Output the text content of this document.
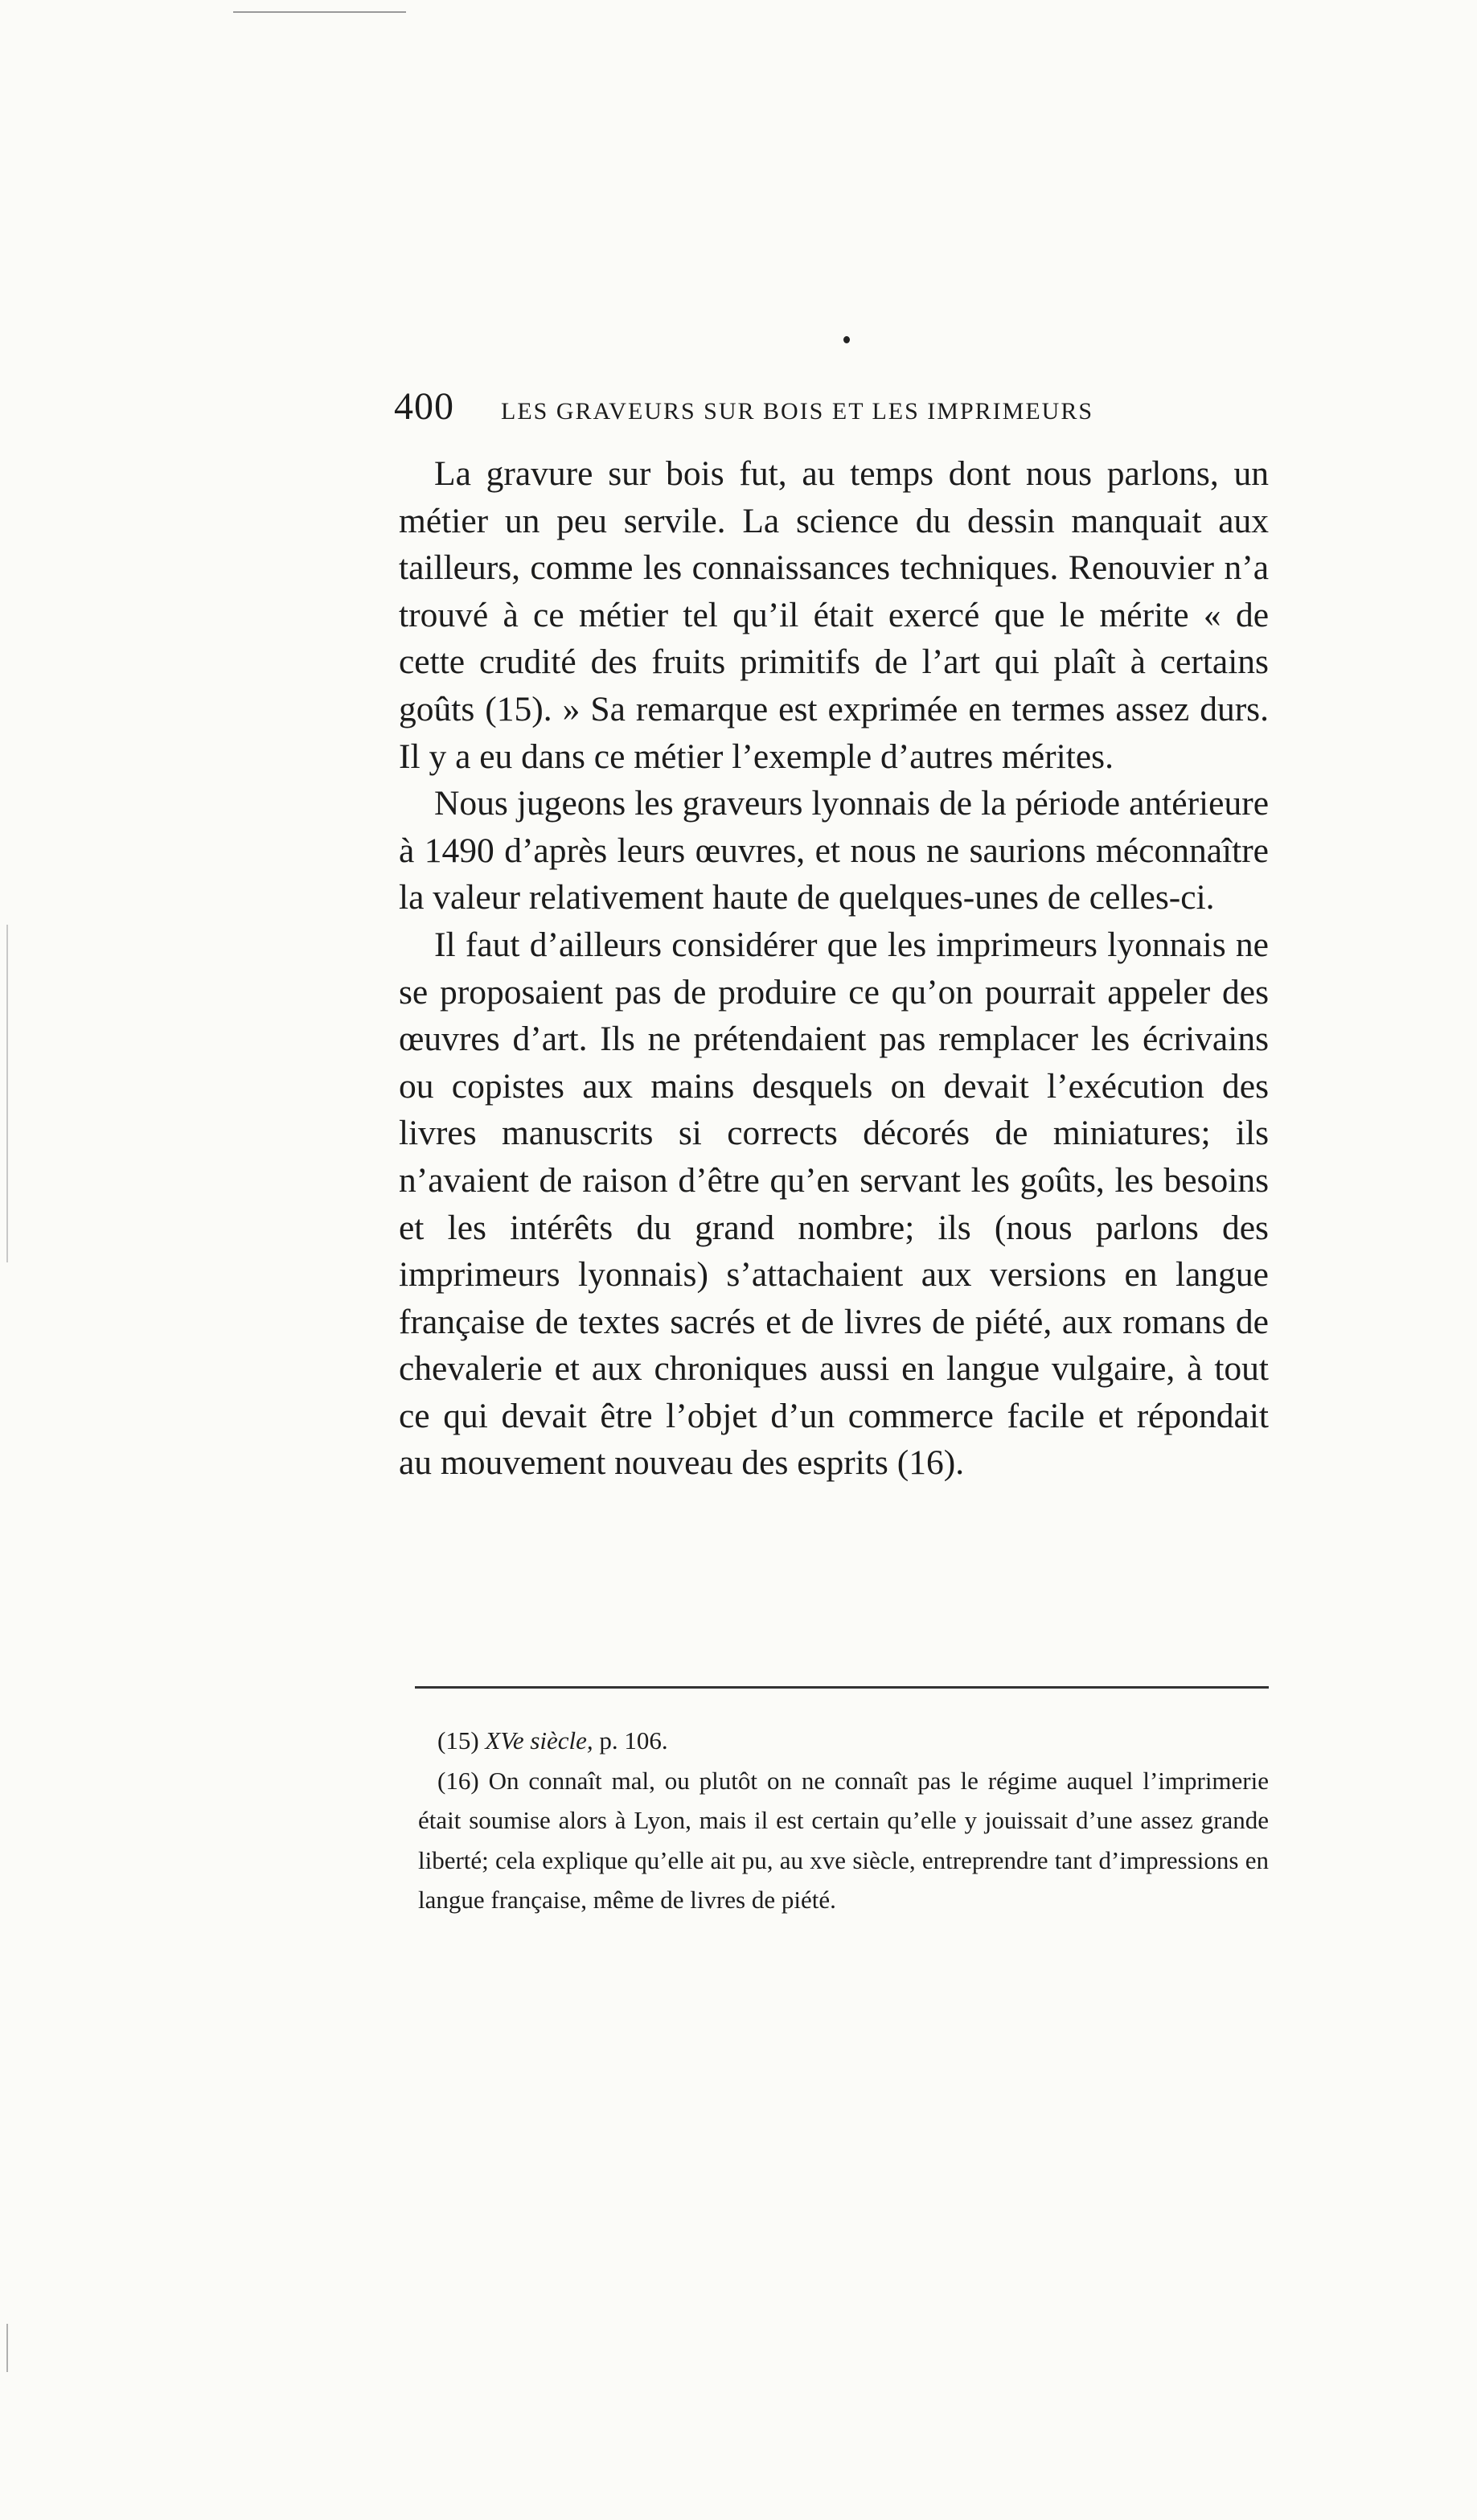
400 LES GRAVEURS SUR BOIS ET LES IMPRIMEURS

La gravure sur bois fut, au temps dont nous parlons, un métier un peu servile. La science du dessin manquait aux tailleurs, comme les connaissances techniques. Renouvier n’a trouvé à ce métier tel qu’il était exercé que le mérite « de cette crudité des fruits primitifs de l’art qui plaît à certains goûts (15). » Sa remarque est exprimée en termes assez durs. Il y a eu dans ce métier l’exemple d’autres mérites.

Nous jugeons les graveurs lyonnais de la période antérieure à 1490 d’après leurs œuvres, et nous ne saurions méconnaître la valeur relativement haute de quelques-unes de celles-ci.

Il faut d’ailleurs considérer que les imprimeurs lyonnais ne se proposaient pas de produire ce qu’on pourrait appeler des œuvres d’art. Ils ne prétendaient pas remplacer les écrivains ou copistes aux mains desquels on devait l’exécution des livres manuscrits si corrects décorés de miniatures; ils n’avaient de raison d’être qu’en servant les goûts, les besoins et les intérêts du grand nombre; ils (nous parlons des imprimeurs lyonnais) s’attachaient aux versions en langue française de textes sacrés et de livres de piété, aux romans de chevalerie et aux chroniques aussi en langue vulgaire, à tout ce qui devait être l’objet d’un commerce facile et répondait au mouvement nouveau des esprits (16).

(15) XVe siècle, p. 106.

(16) On connaît mal, ou plutôt on ne connaît pas le régime auquel l’imprimerie était soumise alors à Lyon, mais il est certain qu’elle y jouissait d’une assez grande liberté; cela explique qu’elle ait pu, au xve siècle, entreprendre tant d’impressions en langue française, même de livres de piété.
